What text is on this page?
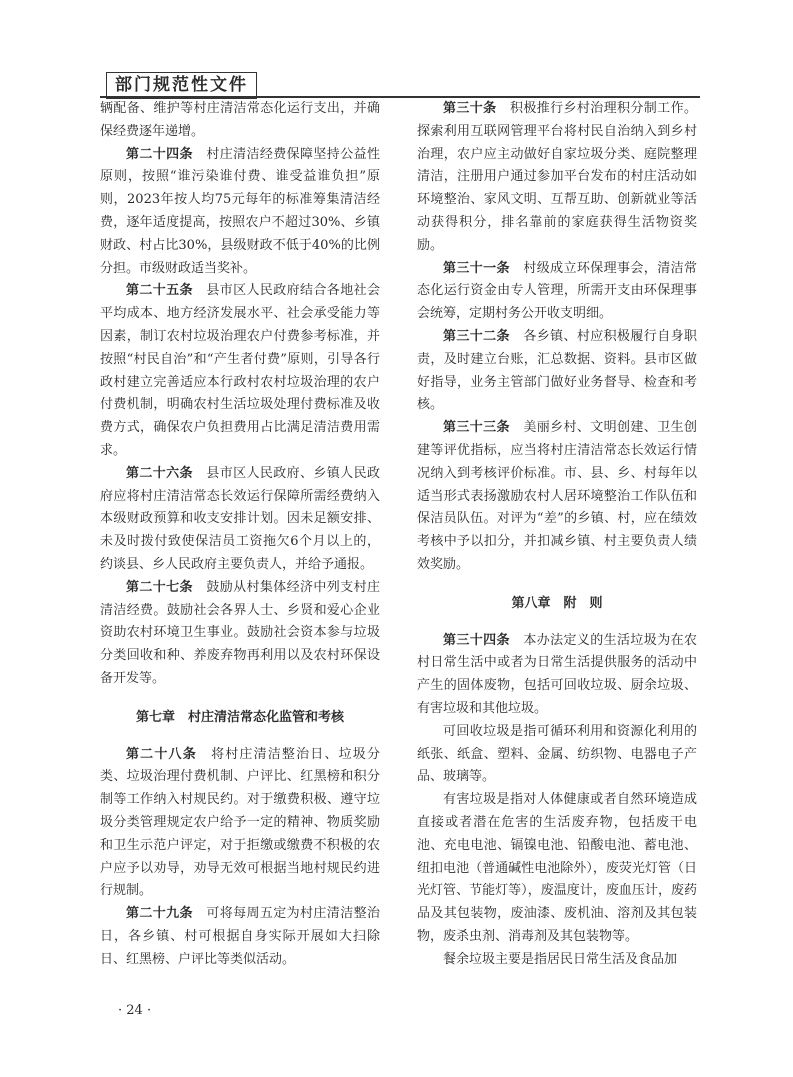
部门规范性文件

辆配备、维护等村庄清洁常态化运行支出，并确保经费逐年递增。

第二十四条　 村庄清洁经费保障坚持公益性原则，按照“谁污染谁付费、谁受益谁负担”原则，2023年按人均75元每年的标准筹集清洁经费，逐年适度提高，按照农户不超过30%、乡镇财政、村占比30%，县级财政不低于40%的比例分担。市级财政适当奖补。

第二十五条　 县市区人民政府结合各地社会平均成本、地方经济发展水平、社会承受能力等因素，制订农村垃圾治理农户付费参考标准，并按照“村民自治”和“产生者付费”原则，引导各行政村建立完善适应本行政村农村垃圾治理的农户付费机制，明确农村生活垃圾处理付费标准及收费方式，确保农户负担费用占比满足清洁费用需求。

第二十六条　 县市区人民政府、乡镇人民政府应将村庄清洁常态长效运行保障所需经费纳入本级财政预算和收支安排计划。因未足额安排、未及时拨付致使保洁员工资拖欠6个月以上的，约谈县、乡人民政府主要负责人，并给予通报。

第二十七条　 鼓励从村集体经济中列支村庄清洁经费。鼓励社会各界人士、乡贤和爱心企业资助农村环境卫生事业。鼓励社会资本参与垃圾分类回收和种、养废弃物再利用以及农村环保设备开发等。

第七章　村庄清洁常态化监管和考核

第二十八条　 将村庄清洁整治日、垃圾分类、垃圾治理付费机制、户评比、红黑榜和积分制等工作纳入村规民约。对于缴费积极、遵守垃圾分类管理规定农户给予一定的精神、物质奖励和卫生示范户评定，对于拒缴或缴费不积极的农户应予以劝导，劝导无效可根据当地村规民约进行规制。

第二十九条　 可将每周五定为村庄清洁整治日，各乡镇、村可根据自身实际开展如大扫除日、红黑榜、户评比等类似活动。

第三十条　 积极推行乡村治理积分制工作。探索利用互联网管理平台将村民自治纳入到乡村治理，农户应主动做好自家垃圾分类、庭院整理清洁，注册用户通过参加平台发布的村庄活动如环境整治、家风文明、互帮互助、创新就业等活动获得积分，排名靠前的家庭获得生活物资奖励。

第三十一条　 村级成立环保理事会，清洁常态化运行资金由专人管理，所需开支由环保理事会统筹，定期村务公开收支明细。

第三十二条　 各乡镇、村应积极履行自身职责，及时建立台账，汇总数据、资料。县市区做好指导，业务主管部门做好业务督导、检查和考核。

第三十三条　 美丽乡村、文明创建、卫生创建等评优指标，应当将村庄清洁常态长效运行情况纳入到考核评价标准。市、县、乡、村每年以适当形式表扬激励农村人居环境整治工作队伍和保洁员队伍。对评为“差”的乡镇、村，应在绩效考核中予以扣分，并扣减乡镇、村主要负责人绩效奖励。

第八章　附　则

第三十四条　 本办法定义的生活垃圾为在农村日常生活中或者为日常生活提供服务的活动中产生的固体废物，包括可回收垃圾、厨余垃圾、有害垃圾和其他垃圾。

可回收垃圾是指可循环利用和资源化利用的纸张、纸盒、塑料、金属、纺织物、电器电子产品、玻璃等。

有害垃圾是指对人体健康或者自然环境造成直接或者潜在危害的生活废弃物，包括废干电池、充电电池、镉镍电池、铅酸电池、蓄电池、纽扣电池（普通碱性电池除外），废荧光灯管（日光灯管、节能灯等），废温度计，废血压计，废药品及其包装物，废油漆、废机油、溶剂及其包装物，废杀虫剂、消毒剂及其包装物等。

餐余垃圾主要是指居民日常生活及食品加

· 24 ·
